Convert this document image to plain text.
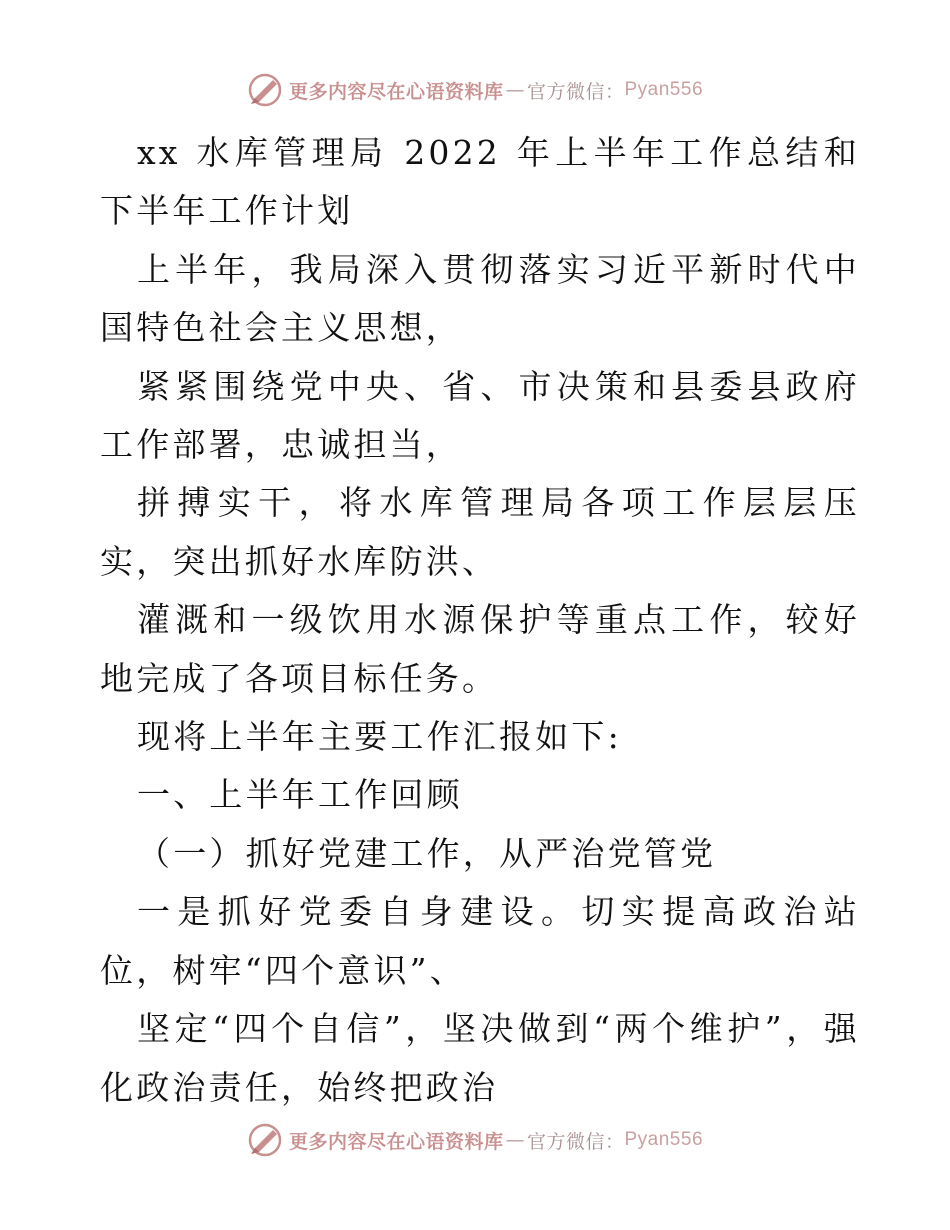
更多内容尽在心语资料库 — 官方微信： Pyan556

xx 水库管理局 2022 年上半年工作总结和下半年工作计划

上半年，我局深入贯彻落实习近平新时代中国特色社会主义思想，

紧紧围绕党中央、省、市决策和县委县政府工作部署，忠诚担当，

拼搏实干，将水库管理局各项工作层层压实，突出抓好水库防洪、

灌溉和一级饮用水源保护等重点工作，较好地完成了各项目标任务。

现将上半年主要工作汇报如下:

一、上半年工作回顾

（一）抓好党建工作，从严治党管党

一是抓好党委自身建设。切实提高政治站位，树牢“四个意识”、

坚定“四个自信”，坚决做到“两个维护”，强化政治责任，始终把政治

更多内容尽在心语资料库 — 官方微信： Pyan556
